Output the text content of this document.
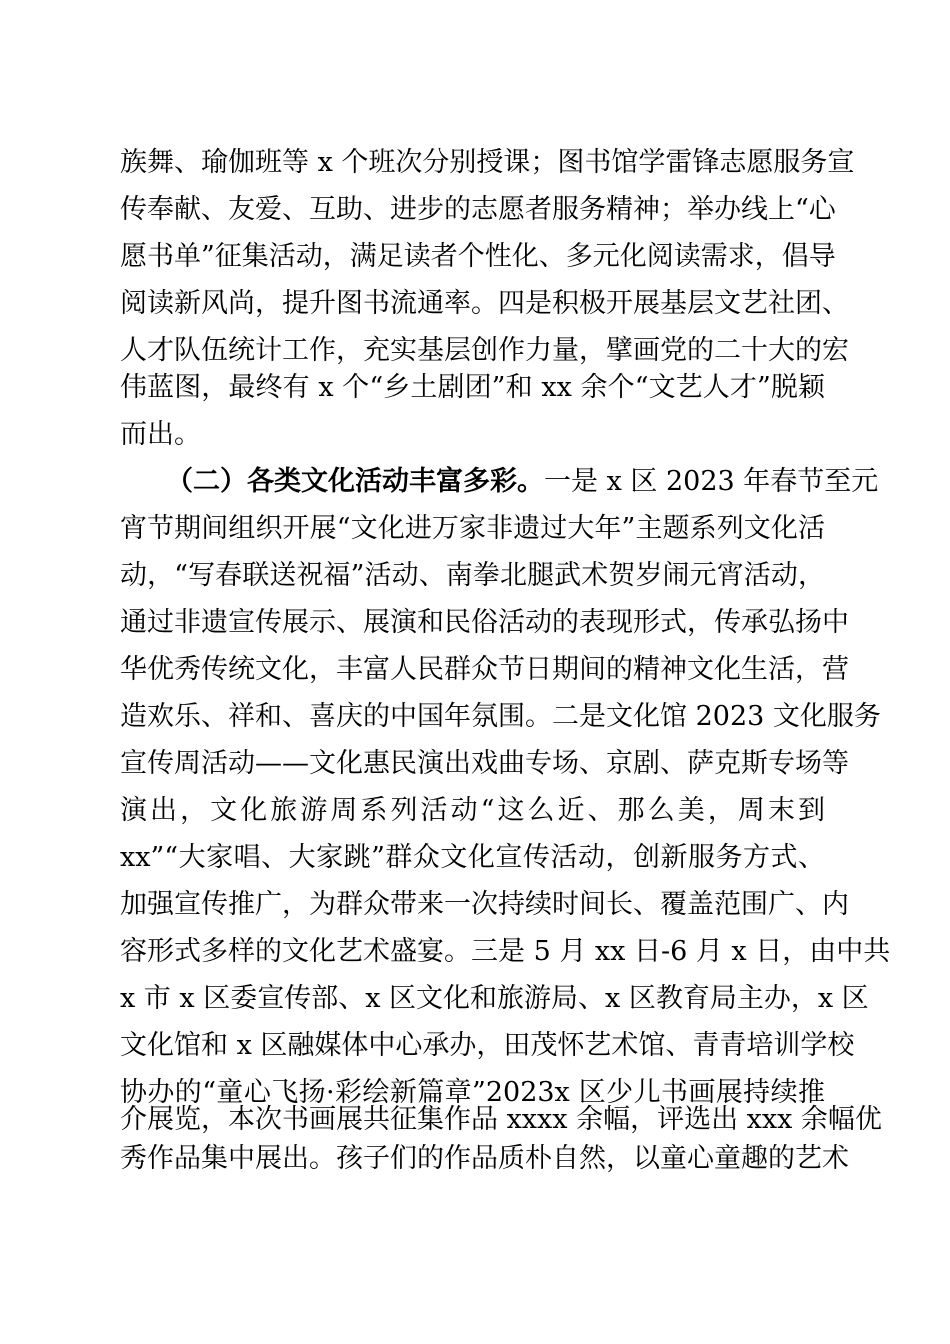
族舞、瑜伽班等 x 个班次分别授课；图书馆学雷锋志愿服务宣
传奉献、友爱、互助、进步的志愿者服务精神；举办线上“心
愿书单”征集活动，满足读者个性化、多元化阅读需求，倡导
阅读新风尚，提升图书流通率。四是积极开展基层文艺社团、
人才队伍统计工作，充实基层创作力量，擘画党的二十大的宏
伟蓝图，最终有 x 个“乡土剧团”和 xx 余个“文艺人才”脱颖
而出。
（二）各类文化活动丰富多彩。 一是 x 区 2023 年春节至元
宵节期间组织开展“文化进万家非遗过大年”主题系列文化活
动，“写春联送祝福”活动、南拳北腿武术贺岁闹元宵活动，
通过非遗宣传展示、展演和民俗活动的表现形式，传承弘扬中
华优秀传统文化，丰富人民群众节日期间的精神文化生活，营
造欢乐、祥和、喜庆的中国年氛围。二是文化馆 2023 文化服务
宣传周活动——文化惠民演出戏曲专场、京剧、萨克斯专场等
演出，文化旅游周系列活动“这么近、那么美，周末到
xx”“大家唱、大家跳”群众文化宣传活动，创新服务方式、
加强宣传推广，为群众带来一次持续时间长、覆盖范围广、内
容形式多样的文化艺术盛宴。三是 5 月 xx 日-6 月 x 日，由中共
x 市 x 区委宣传部、x 区文化和旅游局、x 区教育局主办，x 区
文化馆和 x 区融媒体中心承办，田茂怀艺术馆、青青培训学校
协办的“童心飞扬·彩绘新篇章”2023x 区少儿书画展持续推
介展览，本次书画展共征集作品 xxxx 余幅，评选出 xxx 余幅优
秀作品集中展出。孩子们的作品质朴自然，以童心童趣的艺术
